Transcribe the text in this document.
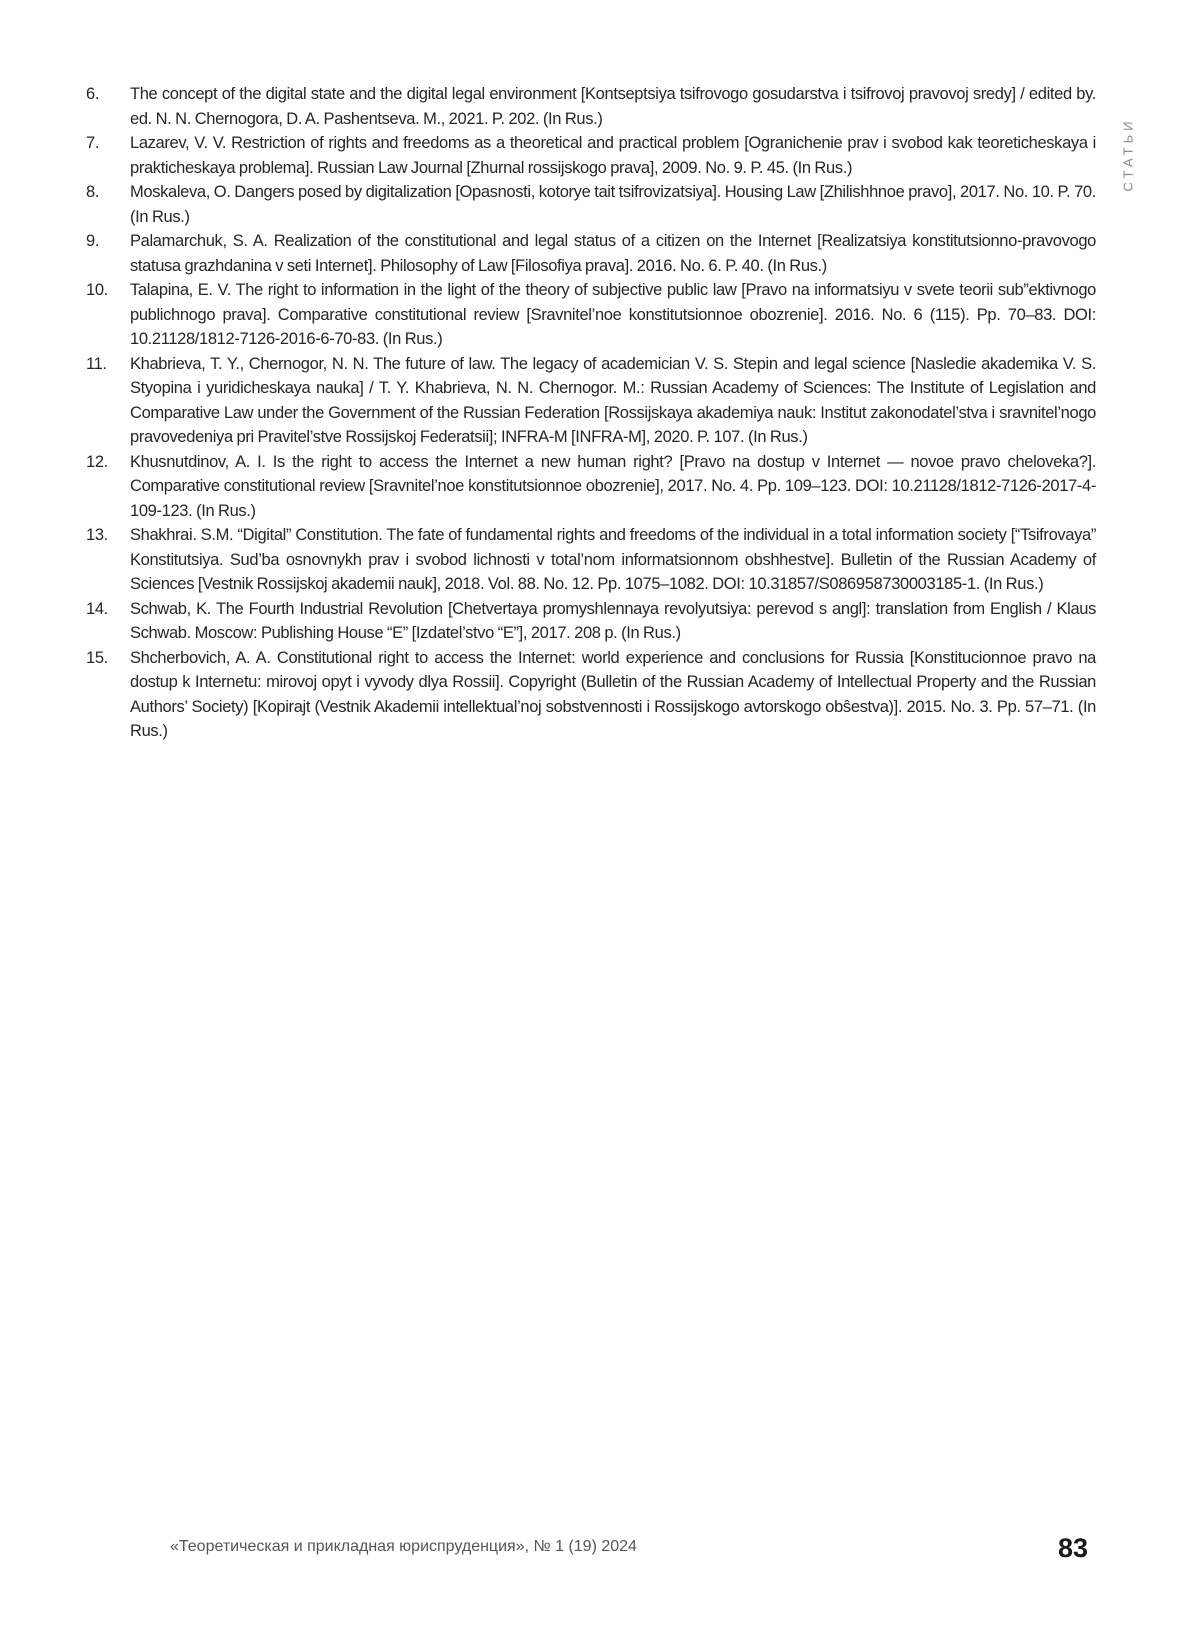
6. The concept of the digital state and the digital legal environment [Kontseptsiya tsifrovogo gosudarstva i tsifrovoj pravovoj sredy] / edited by. ed. N. N. Chernogora, D. A. Pashentseva. M., 2021. P. 202. (In Rus.)
7. Lazarev, V. V. Restriction of rights and freedoms as a theoretical and practical problem [Ogranichenie prav i svobod kak teoreticheskaya i prakticheskaya problema]. Russian Law Journal [Zhurnal rossijskogo prava], 2009. No. 9. P. 45. (In Rus.)
8. Moskaleva, O. Dangers posed by digitalization [Opasnosti, kotorye tait tsifrovizatsiya]. Housing Law [Zhilishhnoe pravo], 2017. No. 10. P. 70. (In Rus.)
9. Palamarchuk, S. A. Realization of the constitutional and legal status of a citizen on the Internet [Realizatsiya konstitutsionno-pravovogo statusa grazhdanina v seti Internet]. Philosophy of Law [Filosofiya prava]. 2016. No. 6. P. 40. (In Rus.)
10. Talapina, E. V. The right to information in the light of the theory of subjective public law [Pravo na informatsiyu v svete teorii sub”ektivnogo publichnogo prava]. Comparative constitutional review [Sravnitel’noe konstitutsionnoe obozrenie]. 2016. No. 6 (115). Pp. 70–83. DOI: 10.21128/1812-7126-2016-6-70-83. (In Rus.)
11. Khabrieva, T. Y., Chernogor, N. N. The future of law. The legacy of academician V. S. Stepin and legal science [Nasledie akademika V. S. Styopina i yuridicheskaya nauka] / T. Y. Khabrieva, N. N. Chernogor. M.: Russian Academy of Sciences: The Institute of Legislation and Comparative Law under the Government of the Russian Federation [Rossijskaya akademiya nauk: Institut zakonodatel’stva i sravnitel’nogo pravovedeniya pri Pravitel’stve Rossijskoj Federatsii]; INFRA-M [INFRA-M], 2020. P. 107. (In Rus.)
12. Khusnutdinov, A. I. Is the right to access the Internet a new human right? [Pravo na dostup v Internet — novoe pravo cheloveka?]. Comparative constitutional review [Sravnitel’noe konstitutsionnoe obozrenie], 2017. No. 4. Pp. 109–123. DOI: 10.21128/1812-7126-2017-4-109-123. (In Rus.)
13. Shakhrai. S.M. “Digital” Constitution. The fate of fundamental rights and freedoms of the individual in a total information society [“Tsifrovaya” Konstitutsiya. Sud’ba osnovnykh prav i svobod lichnosti v total’nom informatsionnom obshhestve]. Bulletin of the Russian Academy of Sciences [Vestnik Rossijskoj akademii nauk], 2018. Vol. 88. No. 12. Pp. 1075–1082. DOI: 10.31857/S086958730003185-1. (In Rus.)
14. Schwab, K. The Fourth Industrial Revolution [Chetvertaya promyshlennaya revolyutsiya: perevod s angl]: translation from English / Klaus Schwab. Moscow: Publishing House “E” [Izdatel’stvo “E”], 2017. 208 p. (In Rus.)
15. Shcherbovich, A. A. Constitutional right to access the Internet: world experience and conclusions for Russia [Konstitucionnoe pravo na dostup k Internetu: mirovoj opyt i vyvody dlya Rossii]. Copyright (Bulletin of the Russian Academy of Intellectual Property and the Russian Authors’ Society) [Kopirajt (Vestnik Akademii intellektual’noj sobstvennosti i Rossijskogo avtorskogo obŝestva)]. 2015. No. 3. Pp. 57–71. (In Rus.)
СТАТЬИ
«Теоретическая и прикладная юриспруденция», № 1 (19) 2024	83
